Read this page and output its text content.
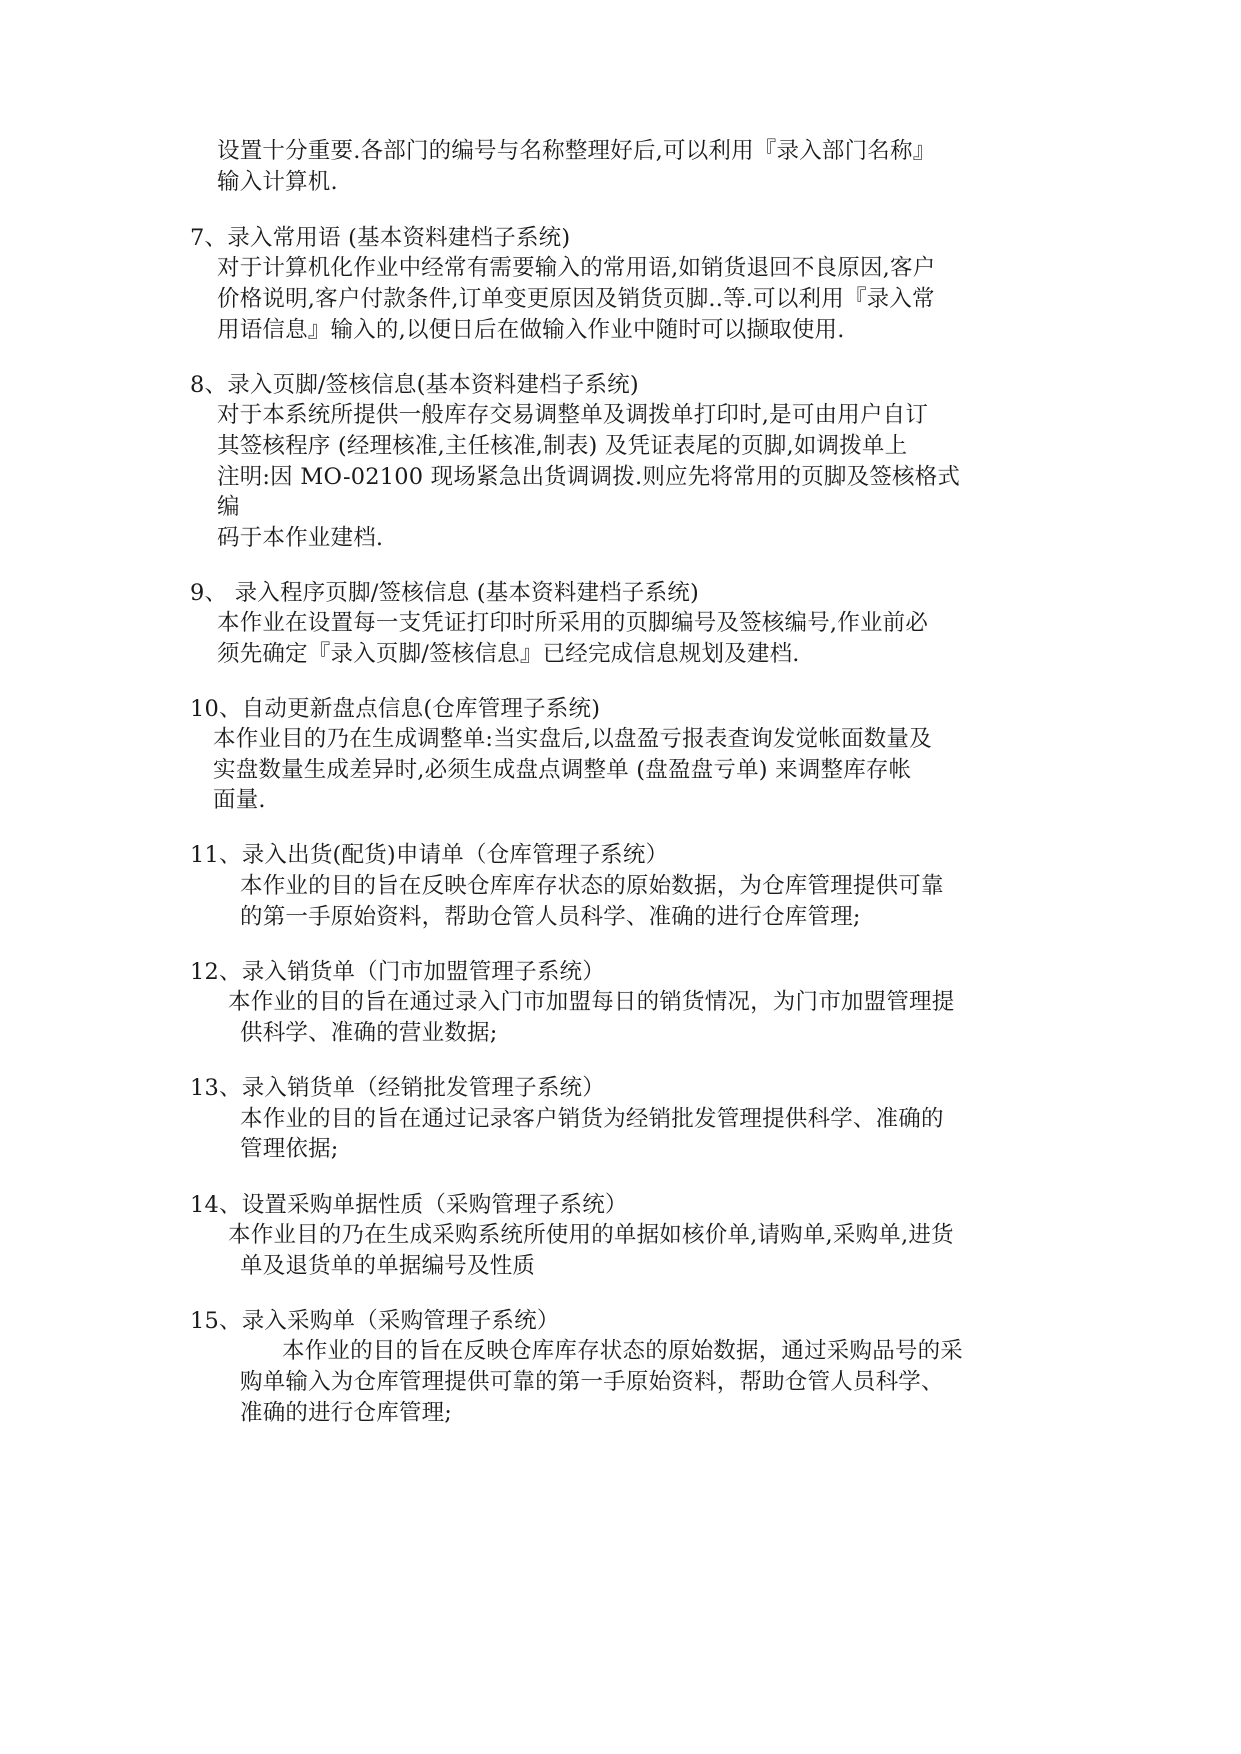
设置十分重要.各部门的编号与名称整理好后,可以利用『录入部门名称』
输入计算机.
7、录入常用语 (基本资料建档子系统)
对于计算机化作业中经常有需要输入的常用语,如销货退回不良原因,客户
价格说明,客户付款条件,订单变更原因及销货页脚..等.可以利用『录入常
用语信息』输入的,以便日后在做输入作业中随时可以撷取使用.
8、录入页脚/签核信息(基本资料建档子系统)
对于本系统所提供一般库存交易调整单及调拨单打印时,是可由用户自订
其签核程序 (经理核准,主任核准,制表) 及凭证表尾的页脚,如调拨单上
注明:因 MO-02100 现场紧急出货调调拨.则应先将常用的页脚及签核格式
编
码于本作业建档.
9、 录入程序页脚/签核信息 (基本资料建档子系统)
本作业在设置每一支凭证打印时所采用的页脚编号及签核编号,作业前必
须先确定『录入页脚/签核信息』已经完成信息规划及建档.
10、自动更新盘点信息(仓库管理子系统)
本作业目的乃在生成调整单:当实盘后,以盘盈亏报表查询发觉帐面数量及
实盘数量生成差异时,必须生成盘点调整单 (盘盈盘亏单) 来调整库存帐
面量.
11、录入出货(配货)申请单（仓库管理子系统）
本作业的目的旨在反映仓库库存状态的原始数据，为仓库管理提供可靠
的第一手原始资料，帮助仓管人员科学、准确的进行仓库管理;
12、录入销货单（门市加盟管理子系统）
本作业的目的旨在通过录入门市加盟每日的销货情况，为门市加盟管理提
供科学、准确的营业数据;
13、录入销货单（经销批发管理子系统）
本作业的目的旨在通过记录客户销货为经销批发管理提供科学、准确的
管理依据;
14、设置采购单据性质（采购管理子系统）
本作业目的乃在生成采购系统所使用的单据如核价单,请购单,采购单,进货
单及退货单的单据编号及性质
15、录入采购单（采购管理子系统）
本作业的目的旨在反映仓库库存状态的原始数据，通过采购品号的采
购单输入为仓库管理提供可靠的第一手原始资料，帮助仓管人员科学、
准确的进行仓库管理;
